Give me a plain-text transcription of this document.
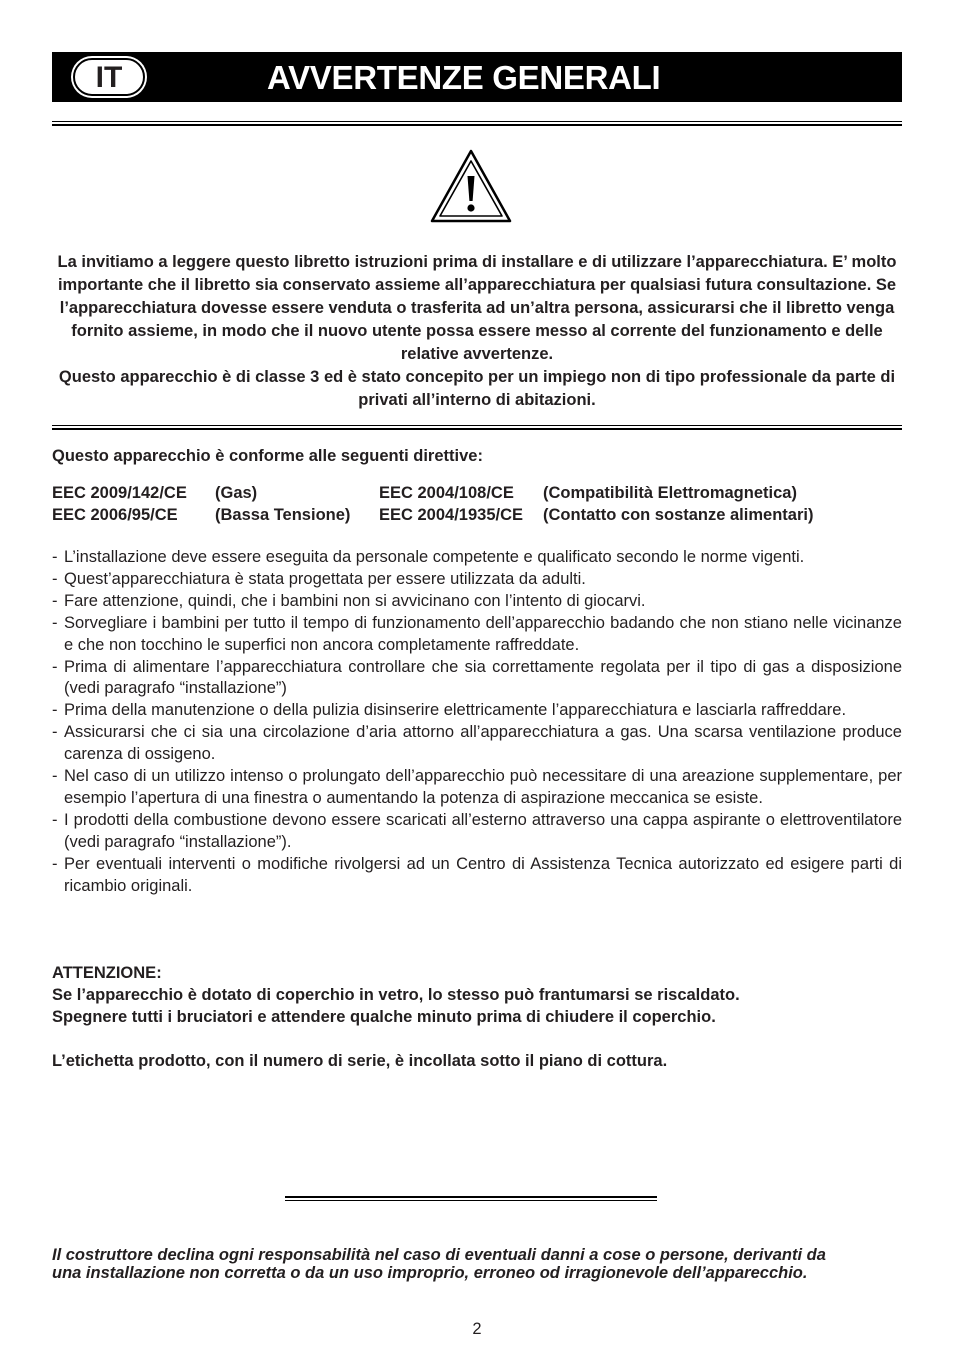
IT	AVVERTENZE GENERALI

La invitiamo a leggere questo libretto istruzioni prima di installare e di utilizzare l’apparecchiatura. E’ molto importante che il libretto sia conservato assieme all’apparecchiatura per qualsiasi futura consultazione. Se l’apparecchiatura dovesse essere venduta o trasferita ad un’altra persona, assicurarsi che il libretto venga fornito assieme, in modo che il nuovo utente possa essere messo al corrente del funzionamento e delle relative avvertenze.

Questo apparecchio è di classe 3 ed è stato concepito per un impiego non di tipo professionale da parte di privati all’interno di abitazioni.

Questo apparecchio è conforme alle seguenti direttive:
EEC 2009/142/CE (Gas)	EEC 2004/108/CE (Compatibilità Elettromagnetica)
EEC 2006/95/CE (Bassa Tensione) EEC 2004/1935/CE (Contatto con sostanze alimentari)
- L’installazione deve essere eseguita da personale competente e qualificato secondo le norme vigenti.
- Quest’apparecchiatura è stata progettata per essere utilizzata da adulti.
- Fare attenzione, quindi, che i bambini non si avvicinano con l’intento di giocarvi.
- Sorvegliare i bambini per tutto il tempo di funzionamento dell’apparecchio badando che non stiano nelle vicinanze e che non tocchino le superfici non ancora completamente raffreddate.
- Prima di alimentare l’apparecchiatura controllare che sia correttamente regolata per il tipo di gas a disposizione (vedi paragrafo “installazione”)
- Prima della manutenzione o della pulizia disinserire elettricamente l’apparecchiatura e lasciarla raffreddare.
- Assicurarsi che ci sia una circolazione d’aria attorno all’apparecchiatura a gas. Una scarsa ventilazione produce carenza di ossigeno.
- Nel caso di un utilizzo intenso o prolungato dell’apparecchio può necessitare di una areazione supplementare, per esempio l’apertura di una finestra o aumentando la potenza di aspirazione meccanica se esiste.
- I prodotti della combustione devono essere scaricati all’esterno attraverso una cappa aspirante o elettroventilatore (vedi paragrafo “installazione”).
- Per eventuali interventi o modifiche rivolgersi ad un Centro di Assistenza Tecnica autorizzato ed esigere parti di ricambio originali.
ATTENZIONE:
Se l’apparecchio è dotato di coperchio in vetro, lo stesso può frantumarsi se riscaldato.
Spegnere tutti i bruciatori e attendere qualche minuto prima di chiudere il coperchio.
L’etichetta prodotto, con il numero di serie, è incollata sotto il piano di cottura.
Il costruttore declina ogni responsabilità nel caso di eventuali danni a cose o persone, derivanti da
una installazione non corretta o da un uso improprio, erroneo od irragionevole dell’apparecchio.
2
